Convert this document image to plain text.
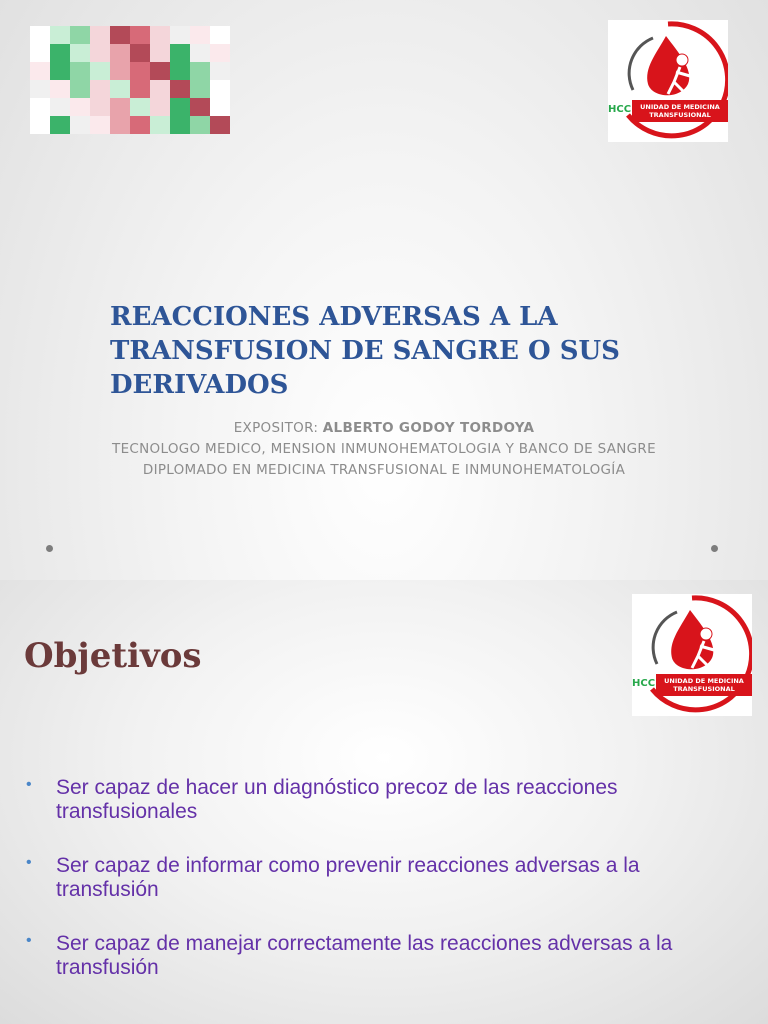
HCC	UNIDAD DE MEDICINA TRANSFUSIONAL
REACCIONES ADVERSAS A LA TRANSFUSION DE SANGRE O SUS DERIVADOS

EXPOSITOR: ALBERTO GODOY TORDOYA

TECNOLOGO MEDICO, MENSION INMUNOHEMATOLOGIA Y BANCO DE SANGRE

DIPLOMADO EN MEDICINA TRANSFUSIONAL E INMUNOHEMATOLOGÍA

HCC	UNIDAD DE MEDICINA TRANSFUSIONAL
Objetivos
• Ser capaz de hacer un diagnóstico precoz de las reacciones transfusionales
• Ser capaz de informar como prevenir reacciones adversas a la transfusión
• Ser capaz de manejar correctamente las reacciones adversas a la transfusión
